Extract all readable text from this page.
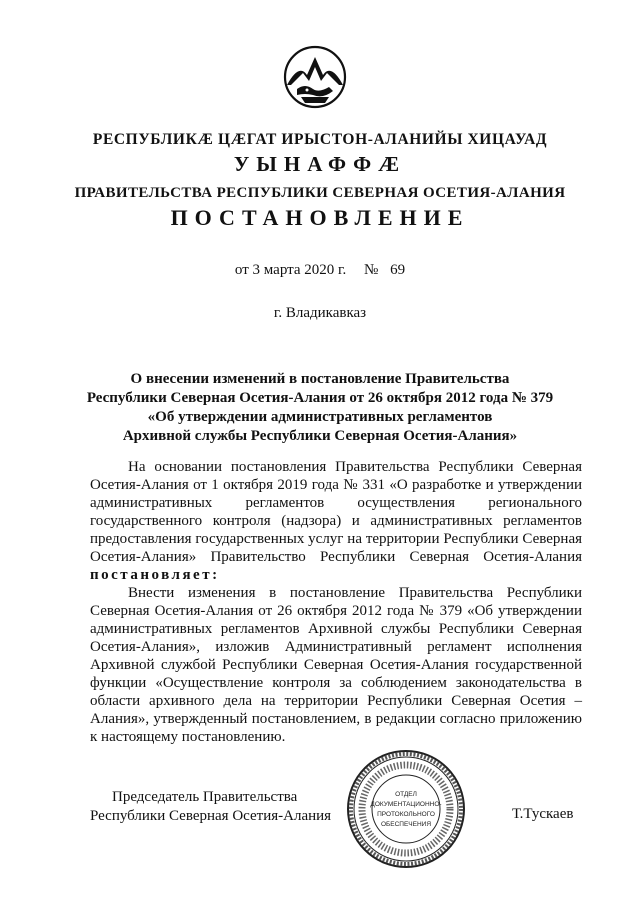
РЕСПУБЛИКӔ ЦӔГАТ ИРЫСТОН-АЛАНИЙЫ ХИЦАУАД
УЫНАФФӔ
ПРАВИТЕЛЬСТВА РЕСПУБЛИКИ СЕВЕРНАЯ ОСЕТИЯ-АЛАНИЯ
ПОСТАНОВЛЕНИЕ
от 3 марта 2020 г. № 69
г. Владикавказ
О внесении изменений в постановление Правительства
Республики Северная Осетия-Алания от 26 октября 2012 года № 379
«Об утверждении административных регламентов
Архивной службы Республики Северная Осетия-Алания»

На основании постановления Правительства Республики Северная Осетия-Алания от 1 октября 2019 года № 331 «О разработке и утверждении административных регламентов осуществления регионального государственного контроля (надзора) и административных регламентов предоставления государственных услуг на территории Республики Северная Осетия-Алания» Правительство Республики Северная Осетия-Алания постановляет:

Внести изменения в постановление Правительства Республики Северная Осетия-Алания от 26 октября 2012 года № 379 «Об утверждении административных регламентов Архивной службы Республики Северная Осетия-Алания», изложив Административный регламент исполнения Архивной службой Республики Северная Осетия-Алания государственной функции «Осуществление контроля за соблюдением законодательства в области архивного дела на территории Республики Северная Осетия – Алания», утвержденный постановлением, в редакции согласно приложению к настоящему постановлению.

Председатель Правительства
Республики Северная Осетия-Алания
ОТДЕЛ
ДОКУМЕНТАЦИОННО-
ПРОТОКОЛЬНОГО
ОБЕСПЕЧЕНИЯ
Т.Тускаев
